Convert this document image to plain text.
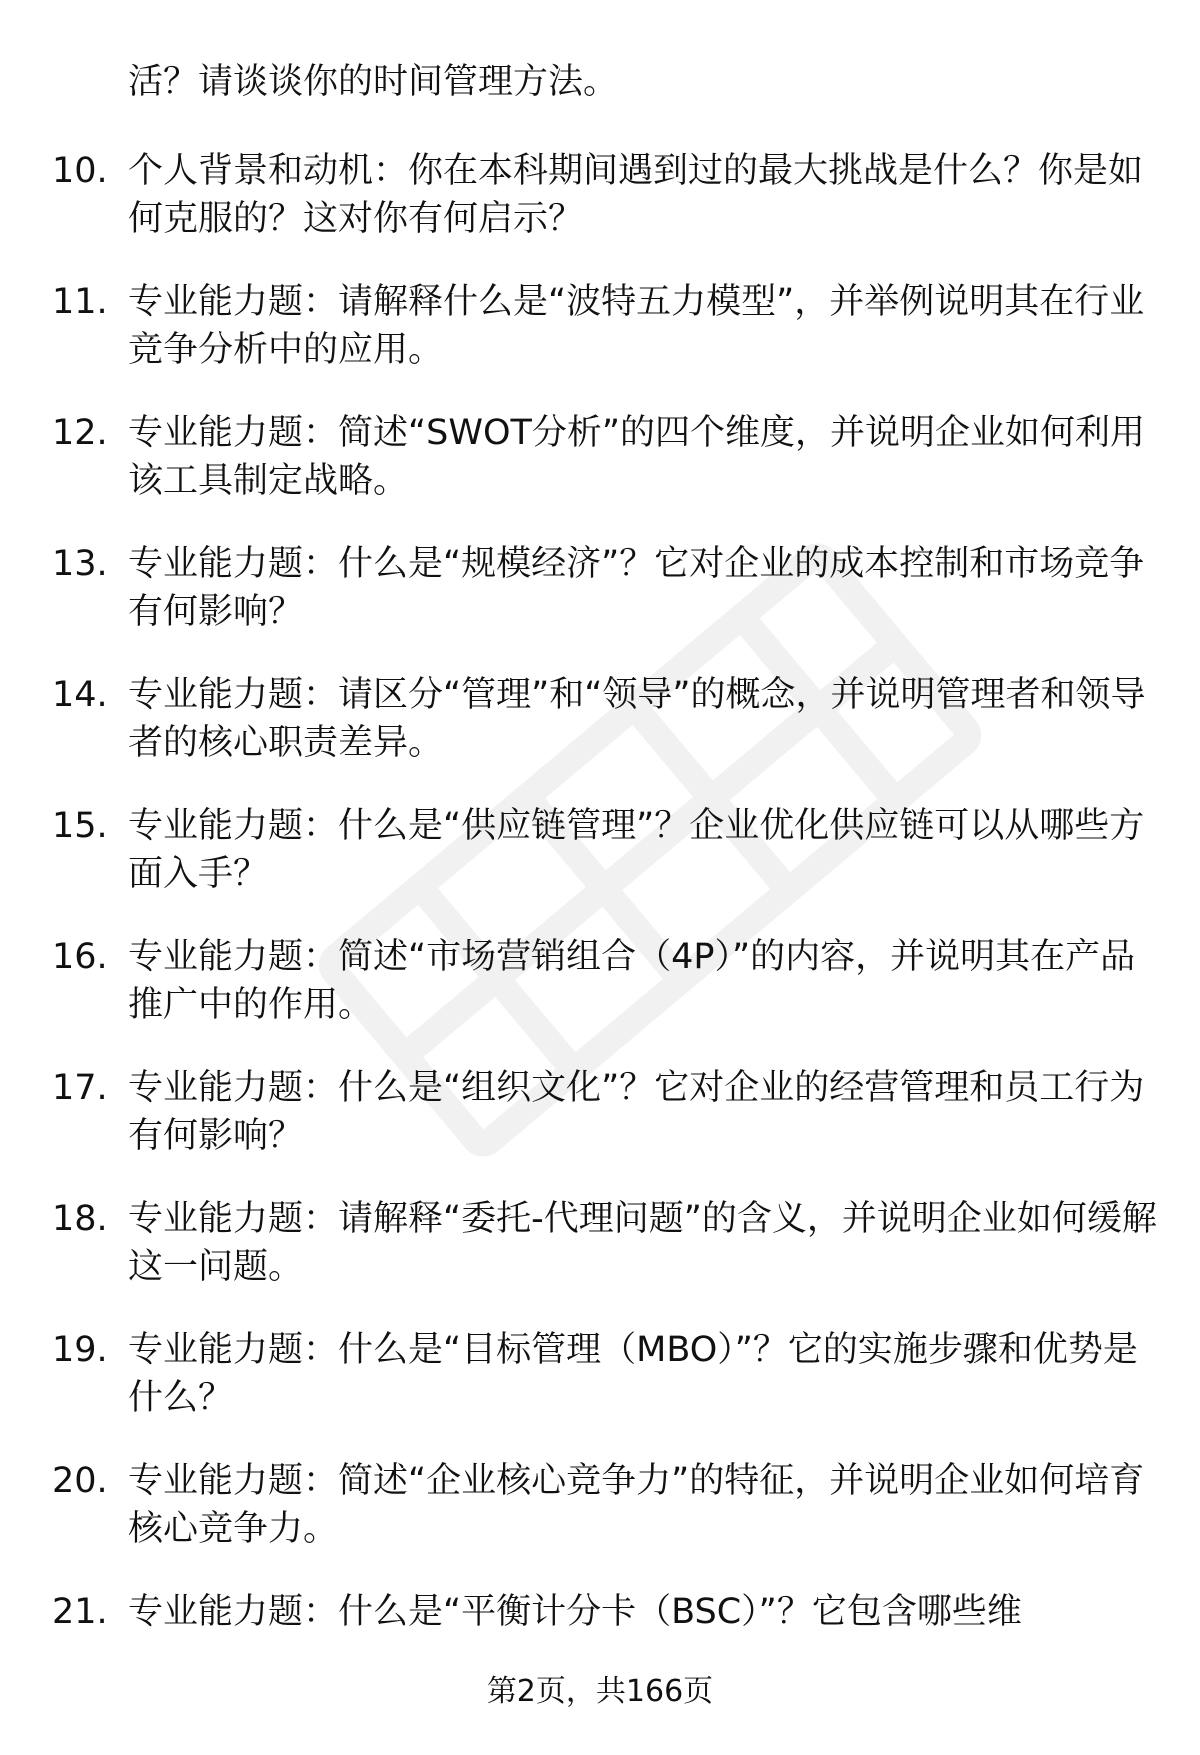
活？请谈谈你的时间管理方法。
10. 个人背景和动机：你在本科期间遇到过的最大挑战是什么？你是如何克服的？这对你有何启示？
11. 专业能力题：请解释什么是“波特五力模型”，并举例说明其在行业竞争分析中的应用。
12. 专业能力题：简述“SWOT分析”的四个维度，并说明企业如何利用该工具制定战略。
13. 专业能力题：什么是“规模经济”？它对企业的成本控制和市场竞争有何影响？
14. 专业能力题：请区分“管理”和“领导”的概念，并说明管理者和领导者的核心职责差异。
15. 专业能力题：什么是“供应链管理”？企业优化供应链可以从哪些方面入手？
16. 专业能力题：简述“市场营销组合（4P）”的内容，并说明其在产品推广中的作用。
17. 专业能力题：什么是“组织文化”？它对企业的经营管理和员工行为有何影响？
18. 专业能力题：请解释“委托-代理问题”的含义，并说明企业如何缓解这一问题。
19. 专业能力题：什么是“目标管理（MBO）”？它的实施步骤和优势是什么？
20. 专业能力题：简述“企业核心竞争力”的特征，并说明企业如何培育核心竞争力。
21. 专业能力题：什么是“平衡计分卡（BSC）”？它包含哪些维
第2页，共166页
